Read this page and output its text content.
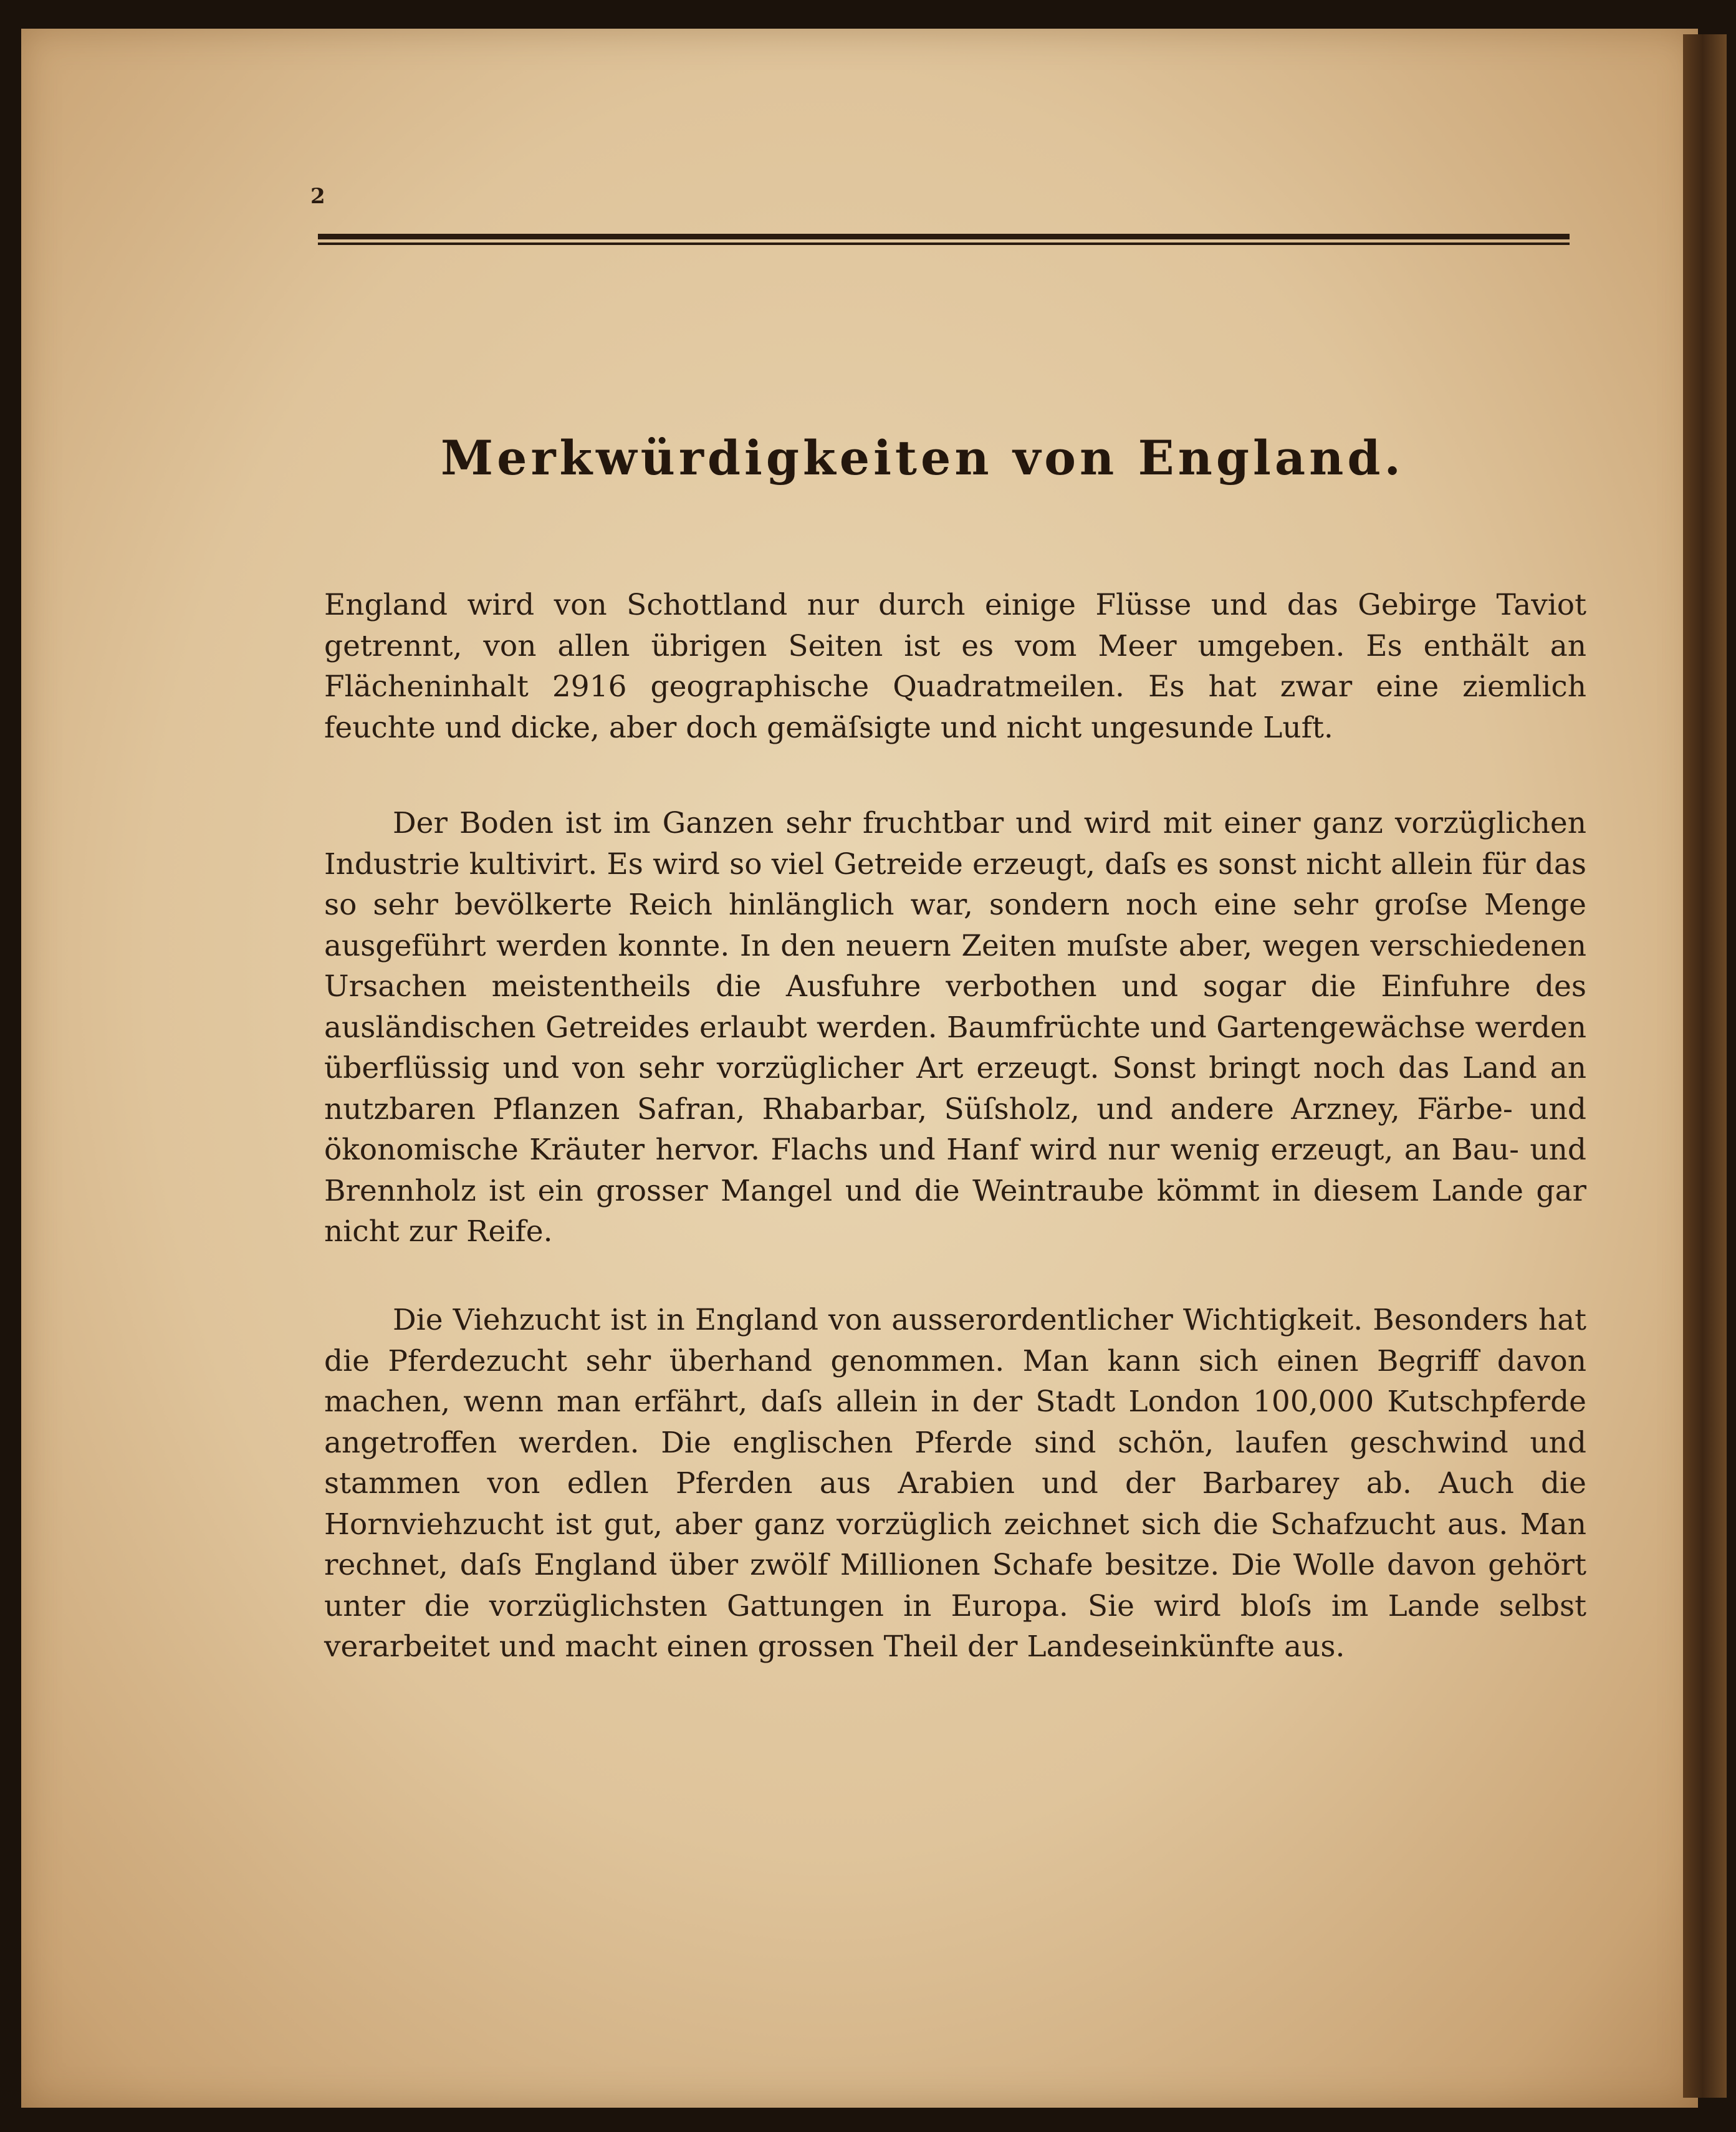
2
Merkwürdigkeiten von England.

England wird von Schottland nur durch einige Flüsse und das Gebirge Taviot getrennt, von allen übrigen Seiten ist es vom Meer umgeben. Es enthält an Flächeninhalt 2916 geographische Quadratmeilen. Es hat zwar eine ziemlich feuchte und dicke, aber doch gemäſsigte und nicht ungesunde Luft.

Der Boden ist im Ganzen sehr fruchtbar und wird mit einer ganz vorzüglichen Industrie kultivirt. Es wird so viel Getreide erzeugt, daſs es sonst nicht allein für das so sehr bevölkerte Reich hinlänglich war, sondern noch eine sehr groſse Menge ausgeführt werden konnte. In den neuern Zeiten muſste aber, wegen verschiedenen Ursachen meistentheils die Ausfuhre verbothen und sogar die Einfuhre des ausländischen Getreides erlaubt werden. Baumfrüchte und Gartengewächse werden überflüssig und von sehr vorzüglicher Art erzeugt. Sonst bringt noch das Land an nutzbaren Pflanzen Safran, Rhabarbar, Süſsholz, und andere Arzney, Färbe- und ökonomische Kräuter hervor. Flachs und Hanf wird nur wenig erzeugt, an Bau- und Brennholz ist ein grosser Mangel und die Weintraube kömmt in diesem Lande gar nicht zur Reife.

Die Viehzucht ist in England von ausserordentlicher Wichtigkeit. Besonders hat die Pferdezucht sehr überhand genommen. Man kann sich einen Begriff davon machen, wenn man erfährt, daſs allein in der Stadt London 100,000 Kutschpferde angetroffen werden. Die englischen Pferde sind schön, laufen geschwind und stammen von edlen Pferden aus Arabien und der Barbarey ab. Auch die Hornviehzucht ist gut, aber ganz vorzüglich zeichnet sich die Schafzucht aus. Man rechnet, daſs England über zwölf Millionen Schafe besitze. Die Wolle davon gehört unter die vorzüglichsten Gattungen in Europa. Sie wird bloſs im Lande selbst verarbeitet und macht einen grossen Theil der Landeseinkünfte aus.
